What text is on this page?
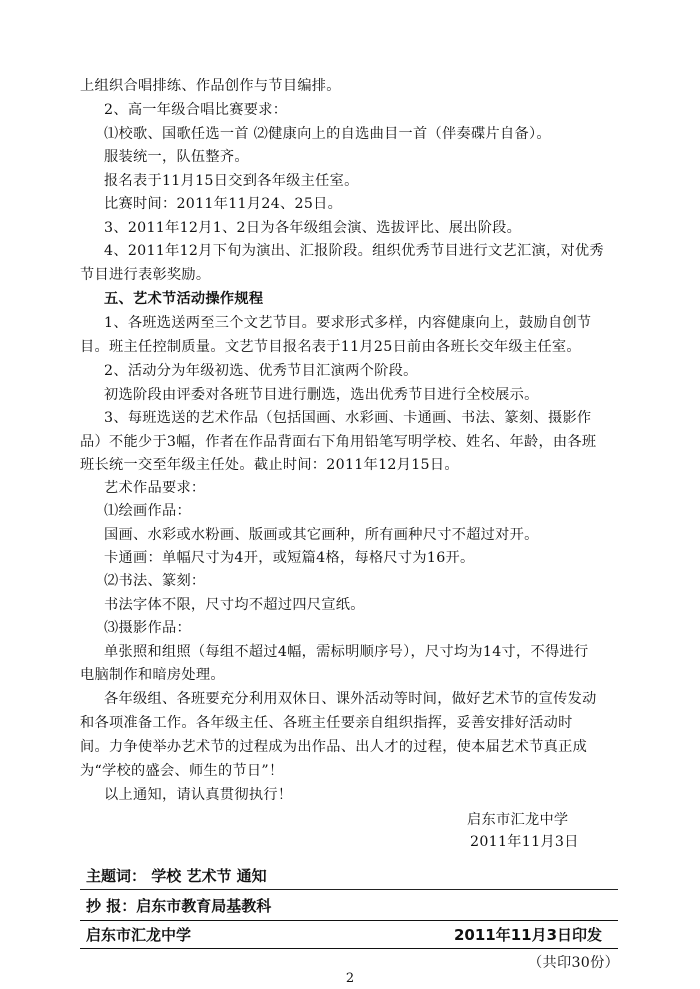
上组织合唱排练、作品创作与节目编排。
2、高一年级合唱比赛要求：
⑴校歌、国歌任选一首 ⑵健康向上的自选曲目一首（伴奏碟片自备）。
服装统一，队伍整齐。
报名表于11月15日交到各年级主任室。
比赛时间：2011年11月24、25日。
3、2011年12月1、2日为各年级组会演、选拔评比、展出阶段。
4、2011年12月下旬为演出、汇报阶段。组织优秀节目进行文艺汇演，对优秀
节目进行表彰奖励。
五、艺术节活动操作规程
1、各班选送两至三个文艺节目。要求形式多样，内容健康向上，鼓励自创节
目。班主任控制质量。文艺节目报名表于11月25日前由各班长交年级主任室。
2、活动分为年级初选、优秀节目汇演两个阶段。
初选阶段由评委对各班节目进行删选，选出优秀节目进行全校展示。
3、每班选送的艺术作品（包括国画、水彩画、卡通画、书法、篆刻、摄影作
品）不能少于3幅，作者在作品背面右下角用铅笔写明学校、姓名、年龄，由各班
班长统一交至年级主任处。截止时间：2011年12月15日。
艺术作品要求：
⑴绘画作品：
国画、水彩或水粉画、版画或其它画种，所有画种尺寸不超过对开。
卡通画：单幅尺寸为4开，或短篇4格，每格尺寸为16开。
⑵书法、篆刻：
书法字体不限，尺寸均不超过四尺宣纸。
⑶摄影作品：
单张照和组照（每组不超过4幅，需标明顺序号），尺寸均为14寸，不得进行
电脑制作和暗房处理。
各年级组、各班要充分利用双休日、课外活动等时间，做好艺术节的宣传发动
和各项准备工作。各年级主任、各班主任要亲自组织指挥，妥善安排好活动时
间。力争使举办艺术节的过程成为出作品、出人才的过程，使本届艺术节真正成
为“学校的盛会、师生的节日”！
以上通知，请认真贯彻执行！
启东市汇龙中学
2011年11月3日
主题词： 学校 艺术节 通知
抄 报：启东市教育局基教科
启东市汇龙中学	2011年11月3日印发
（共印30份）
2
